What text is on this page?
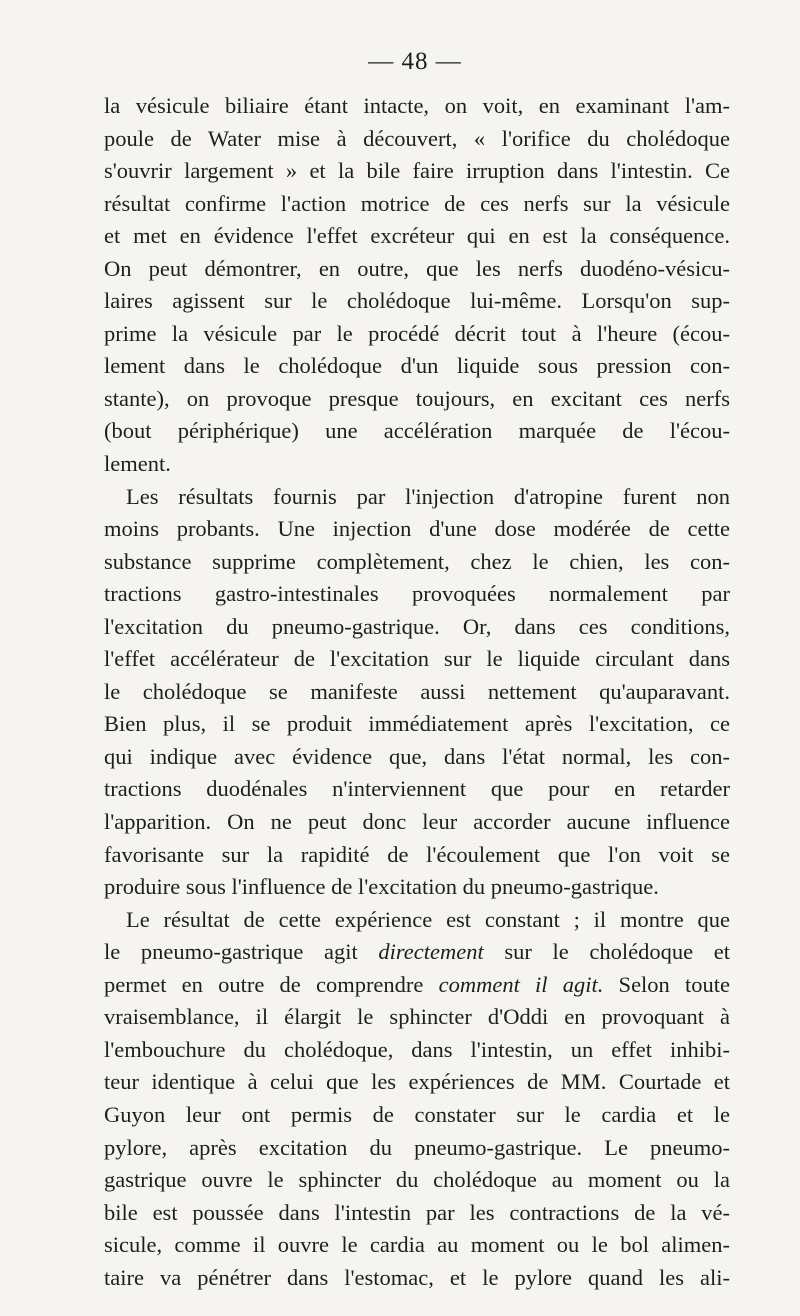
— 48 —
la vésicule biliaire étant intacte, on voit, en examinant l'am-
poule de Water mise à découvert, « l'orifice du cholédoque
s'ouvrir largement » et la bile faire irruption dans l'intestin. Ce
résultat confirme l'action motrice de ces nerfs sur la vésicule
et met en évidence l'effet excréteur qui en est la conséquence.
On peut démontrer, en outre, que les nerfs duodéno-vésicu-
laires agissent sur le cholédoque lui-même. Lorsqu'on sup-
prime la vésicule par le procédé décrit tout à l'heure (écou-
lement dans le cholédoque d'un liquide sous pression con-
stante), on provoque presque toujours, en excitant ces nerfs
(bout périphérique) une accélération marquée de l'écou-
lement.
Les résultats fournis par l'injection d'atropine furent non
moins probants. Une injection d'une dose modérée de cette
substance supprime complètement, chez le chien, les con-
tractions gastro-intestinales provoquées normalement par
l'excitation du pneumo-gastrique. Or, dans ces conditions,
l'effet accélérateur de l'excitation sur le liquide circulant dans
le cholédoque se manifeste aussi nettement qu'auparavant.
Bien plus, il se produit immédiatement après l'excitation, ce
qui indique avec évidence que, dans l'état normal, les con-
tractions duodénales n'interviennent que pour en retarder
l'apparition. On ne peut donc leur accorder aucune influence
favorisante sur la rapidité de l'écoulement que l'on voit se
produire sous l'influence de l'excitation du pneumo-gastrique.
Le résultat de cette expérience est constant ; il montre que
le pneumo-gastrique agit directement sur le cholédoque et
permet en outre de comprendre comment il agit. Selon toute
vraisemblance, il élargit le sphincter d'Oddi en provoquant à
l'embouchure du cholédoque, dans l'intestin, un effet inhibi-
teur identique à celui que les expériences de MM. Courtade et
Guyon leur ont permis de constater sur le cardia et le
pylore, après excitation du pneumo-gastrique. Le pneumo-
gastrique ouvre le sphincter du cholédoque au moment ou la
bile est poussée dans l'intestin par les contractions de la vé-
sicule, comme il ouvre le cardia au moment ou le bol alimen-
taire va pénétrer dans l'estomac, et le pylore quand les ali-
